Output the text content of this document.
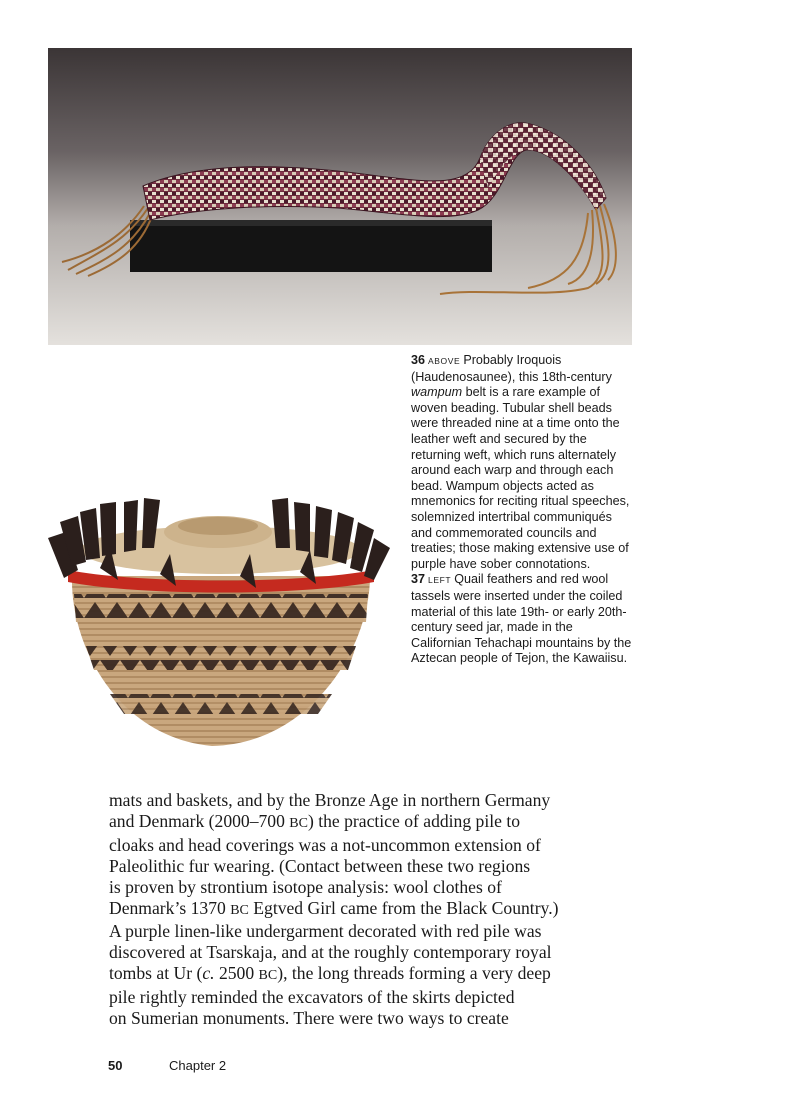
36 ABOVE Probably Iroquois (Haudenosaunee), this 18th-century wampum belt is a rare example of woven beading. Tubular shell beads were threaded nine at a time onto the leather weft and secured by the returning weft, which runs alternately around each warp and through each bead. Wampum objects acted as mnemonics for reciting ritual speeches, solemnized intertribal communiqués and commemorated councils and treaties; those making extensive use of purple have sober connotations.

37 LEFT Quail feathers and red wool tassels were inserted under the coiled material of this late 19th- or early 20th-century seed jar, made in the Californian Tehachapi mountains by the Aztecan people of Tejon, the Kawaiisu.

mats and baskets, and by the Bronze Age in northern Germany
and Denmark (2000–700 BC) the practice of adding pile to
cloaks and head coverings was a not-uncommon extension of
Paleolithic fur wearing. (Contact between these two regions
is proven by strontium isotope analysis: wool clothes of
Denmark’s 1370 BC Egtved Girl came from the Black Country.)
A purple linen-like undergarment decorated with red pile was
discovered at Tsarskaja, and at the roughly contemporary royal
tombs at Ur (c. 2500 BC), the long threads forming a very deep
pile rightly reminded the excavators of the skirts depicted
on Sumerian monuments. There were two ways to create
50	Chapter 2
